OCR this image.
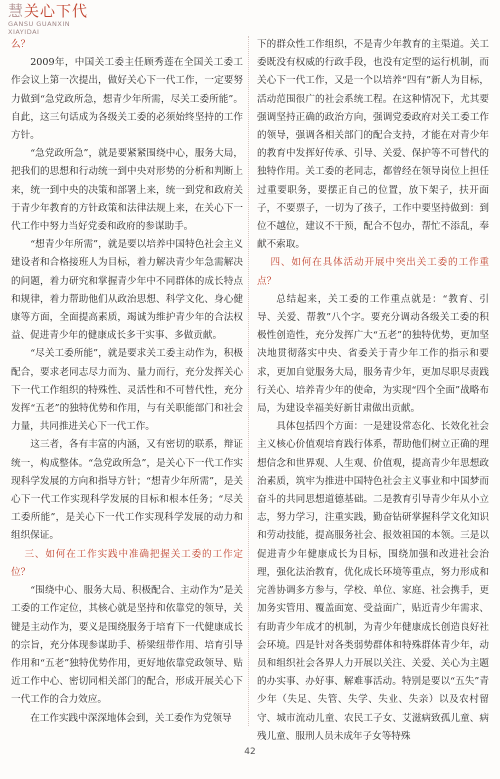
慧关心下代
GANSU GUANXIN
XIAYIDAI

么？

2009年，中国关工委主任顾秀莲在全国关工委工作会议上第一次提出，做好关心下一代工作，一定要努力做到“急党政所急，想青少年所需，尽关工委所能”。自此，这三句话成为各级关工委的必须始终坚持的工作方针。

“急党政所急”，就是要紧紧围绕中心，服务大局，把我们的思想和行动统一到中央对形势的分析和判断上来，统一到中央的决策和部署上来，统一到党和政府关于青少年教育的方针政策和法律法规上来，在关心下一代工作中努力当好党委和政府的参谋助手。

“想青少年所需”，就是要以培养中国特色社会主义建设者和合格接班人为目标，着力解决青少年急需解决的问题，着力研究和掌握青少年中不同群体的成长特点和规律，着力帮助他们从政治思想、科学文化、身心健康等方面，全面提高素质，竭诚为维护青少年的合法权益、促进青少年的健康成长多干实事、多做贡献。

“尽关工委所能”，就是要求关工委主动作为，积极配合，要求老同志尽力而为、量力而行，充分发挥关心下一代工作组织的特殊性、灵活性和不可替代性，充分发挥“五老”的独特优势和作用，与有关职能部门和社会力量，共同推进关心下一代工作。

这三者，各有丰富的内涵，又有密切的联系，辩证统一，构成整体。“急党政所急”，是关心下一代工作实现科学发展的方向和指导方针；“想青少年所需”，是关心下一代工作实现科学发展的目标和根本任务；“尽关工委所能”，是关心下一代工作实现科学发展的动力和组织保证。

三、如何在工作实践中准确把握关工委的工作定位？

“围绕中心、服务大局、积极配合、主动作为”是关工委的工作定位，其核心就是坚持和依靠党的领导，关键是主动作为，要义是围绕服务于培育下一代健康成长的宗旨，充分体现参谋助手、桥梁纽带作用、培育引导作用和“五老”独特优势作用，更好地依靠党政领导、贴近工作中心、密切同相关部门的配合，形成开展关心下一代工作的合力效应。

在工作实践中深深地体会到，关工委作为党领导

下的群众性工作组织，不是青少年教育的主渠道。关工委既没有权威的行政手段，也没有定型的运行机制，而关心下一代工作，又是一个以培养“四有”新人为目标，活动范围很广的社会系统工程。在这种情况下，尤其要强调坚持正确的政治方向，强调党委政府对关工委工作的领导，强调各相关部门的配合支持，才能在对青少年的教育中发挥好传承、引导、关爱、保护等不可替代的独特作用。关工委的老同志，都曾经在领导岗位上担任过重要职务，要摆正自己的位置，放下架子，扶开面子，不要票子，一切为了孩子，工作中要坚持做到：到位不越位，建议不干预，配合不包办，帮忙不添乱，奉献不索取。

四、如何在具体活动开展中突出关工委的工作重点？

总结起来，关工委的工作重点就是：“教育、引导、关爱、帮教”八个字。要充分调动各级关工委的积极性创造性，充分发挥广大“五老”的独特优势，更加坚决地贯彻落实中央、省委关于青少年工作的指示和要求，更加自觉服务大局，服务青少年，更加尽职尽责践行关心、培养青少年的使命，为实现“四个全面”战略布局，为建设幸福美好新甘肃做出贡献。

具体包括四个方面：一是建设常态化、长效化社会主义核心价值观培育践行体系，帮助他们树立正确的理想信念和世界观、人生观、价值观，提高青少年思想政治素质，筑牢为推进中国特色社会主义事业和中国梦而奋斗的共同思想道德基础。二是教育引导青少年从小立志，努力学习，注重实践，勤奋钻研掌握科学文化知识和劳动技能，提高服务社会、报效祖国的本领。三是以促进青少年健康成长为目标，围绕加强和改进社会治理，强化法治教育，优化成长环境等重点，努力形成和完善协调多方参与，学校、单位、家庭、社会携手，更加务实管用、覆盖面宽、受益面广，贴近青少年需求、有助青少年成才的机制，为青少年健康成长创造良好社会环境。四是针对各类弱势群体和特殊群体青少年，动员和组织社会各界人力开展以关注、关爱、关心为主题的办实事、办好事、解难事活动。特别是要以“五失”青少年（失足、失管、失学、失业、失亲）以及农村留守、城市流动儿童、农民工子女、艾滋病致孤儿童、病残儿童、服刑人员未成年子女等特殊

42
